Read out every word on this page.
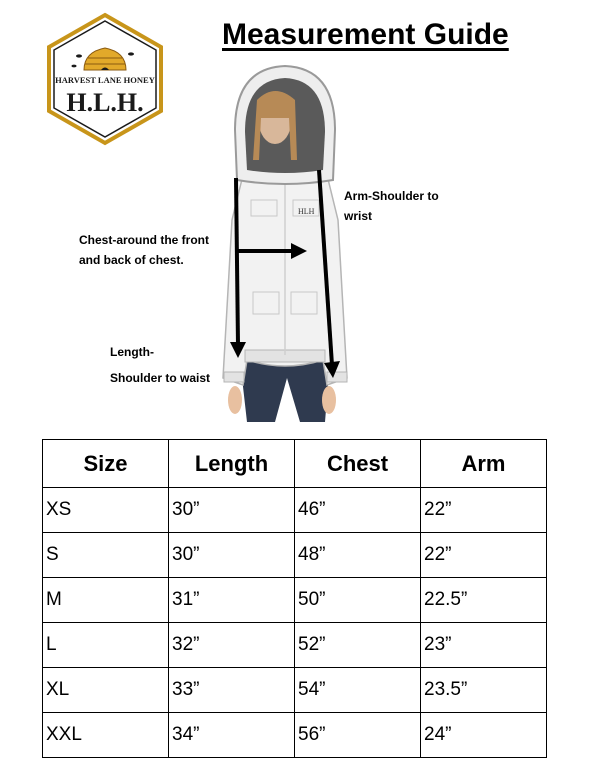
HARVEST LANE HONEY
H.L.H.
Measurement Guide
HLH
Arm-Shoulder to
wrist
Chest-around the front
and back of chest.
Length-
Shoulder to waist
Size	Length	Chest	Arm
XS	30”	46”	22”
S	30”	48”	22”
M	31”	50”	22.5”
L	32”	52”	23”
XL	33”	54”	23.5”
XXL	34”	56”	24”
